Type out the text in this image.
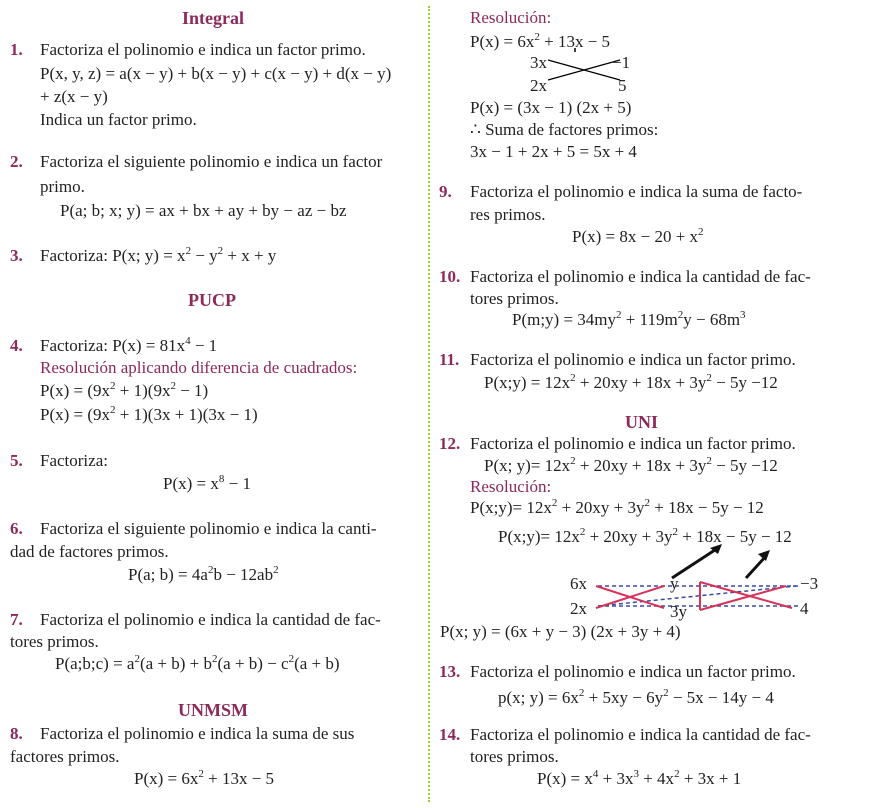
Integral
1. Factoriza el polinomio e indica un factor primo.
P(x, y, z) = a(x − y) + b(x − y) + c(x − y) + d(x − y)
+ z(x − y)
Indica un factor primo.
2. Factoriza el siguiente polinomio e indica un factor
primo.
P(a; b; x; y) = ax + bx + ay + by − az − bz
3. Factoriza: P(x; $y) = x^2 - y^2 + x + y$
PUCP
4. Factoriza: $P(x) = 81x^4 - 1$
Resolución aplicando diferencia de cuadrados:
$P(x) = (9x^2 + 1)(9x^2 - 1)$
$P(x) = (9x^2 + 1)(3x + 1)(3x - 1)$
5. Factoriza:
$P(x) = x^8 - 1$
6. Factoriza el siguiente polinomio e indica la canti-
dad de factores primos.
P(a; $b) = 4a^2b - 12ab^2$
7. Factoriza el polinomio e indica la cantidad de fac-
tores primos.
P(a;b;c) = $a^2(a + b) + b^2(a + b) - c^2(a + b)$
UNMSM
8. Factoriza el polinomio e indica la suma de sus
factores primos.
$P(x) = 6x^2 + 13x - 5$
Resolución:
$P(x) = 6x^2 + 13x - 5$
3x	−1
2x	5
P(x) = (3x − 1) (2x + 5)
∴ Suma de factores primos:
3x − 1 + 2x + 5 = 5x + 4
9. Factoriza el polinomio e indica la suma de facto-
res primos.
$P(x) = 8x - 20 + x^2$
10. Factoriza el polinomio e indica la cantidad de fac-
tores primos.
P(m;y) = $34my^2 + 119m^2y - 68m^3$
11. Factoriza el polinomio e indica un factor primo.
P(x;y) = $12x^2 + 20xy + 18x + 3y^2 - 5y -12$
UNI
12. Factoriza el polinomio e indica un factor primo.
P(x; $y)= 12x^2 + 20xy + 18x + 3y^2 - 5y -12$
Resolución:
P(x;y)= $12x^2 + 20xy + 3y^2 + 18x - 5y - 12$
P(x;y)= $12x^2 + 20xy + 3y^2 + 18x - 5y - 12$
6x	y	−3
2x	3y	4
P(x; y) = (6x + y − 3) (2x + 3y + 4)
13. Factoriza el polinomio e indica un factor primo.
p(x; $y) = 6x^2 + 5xy - 6y^2 - 5x - 14y - 4$
14. Factoriza el polinomio e indica la cantidad de fac-
tores primos.
$P(x) = x^4 + 3x^3 + 4x^2 + 3x + 1$
